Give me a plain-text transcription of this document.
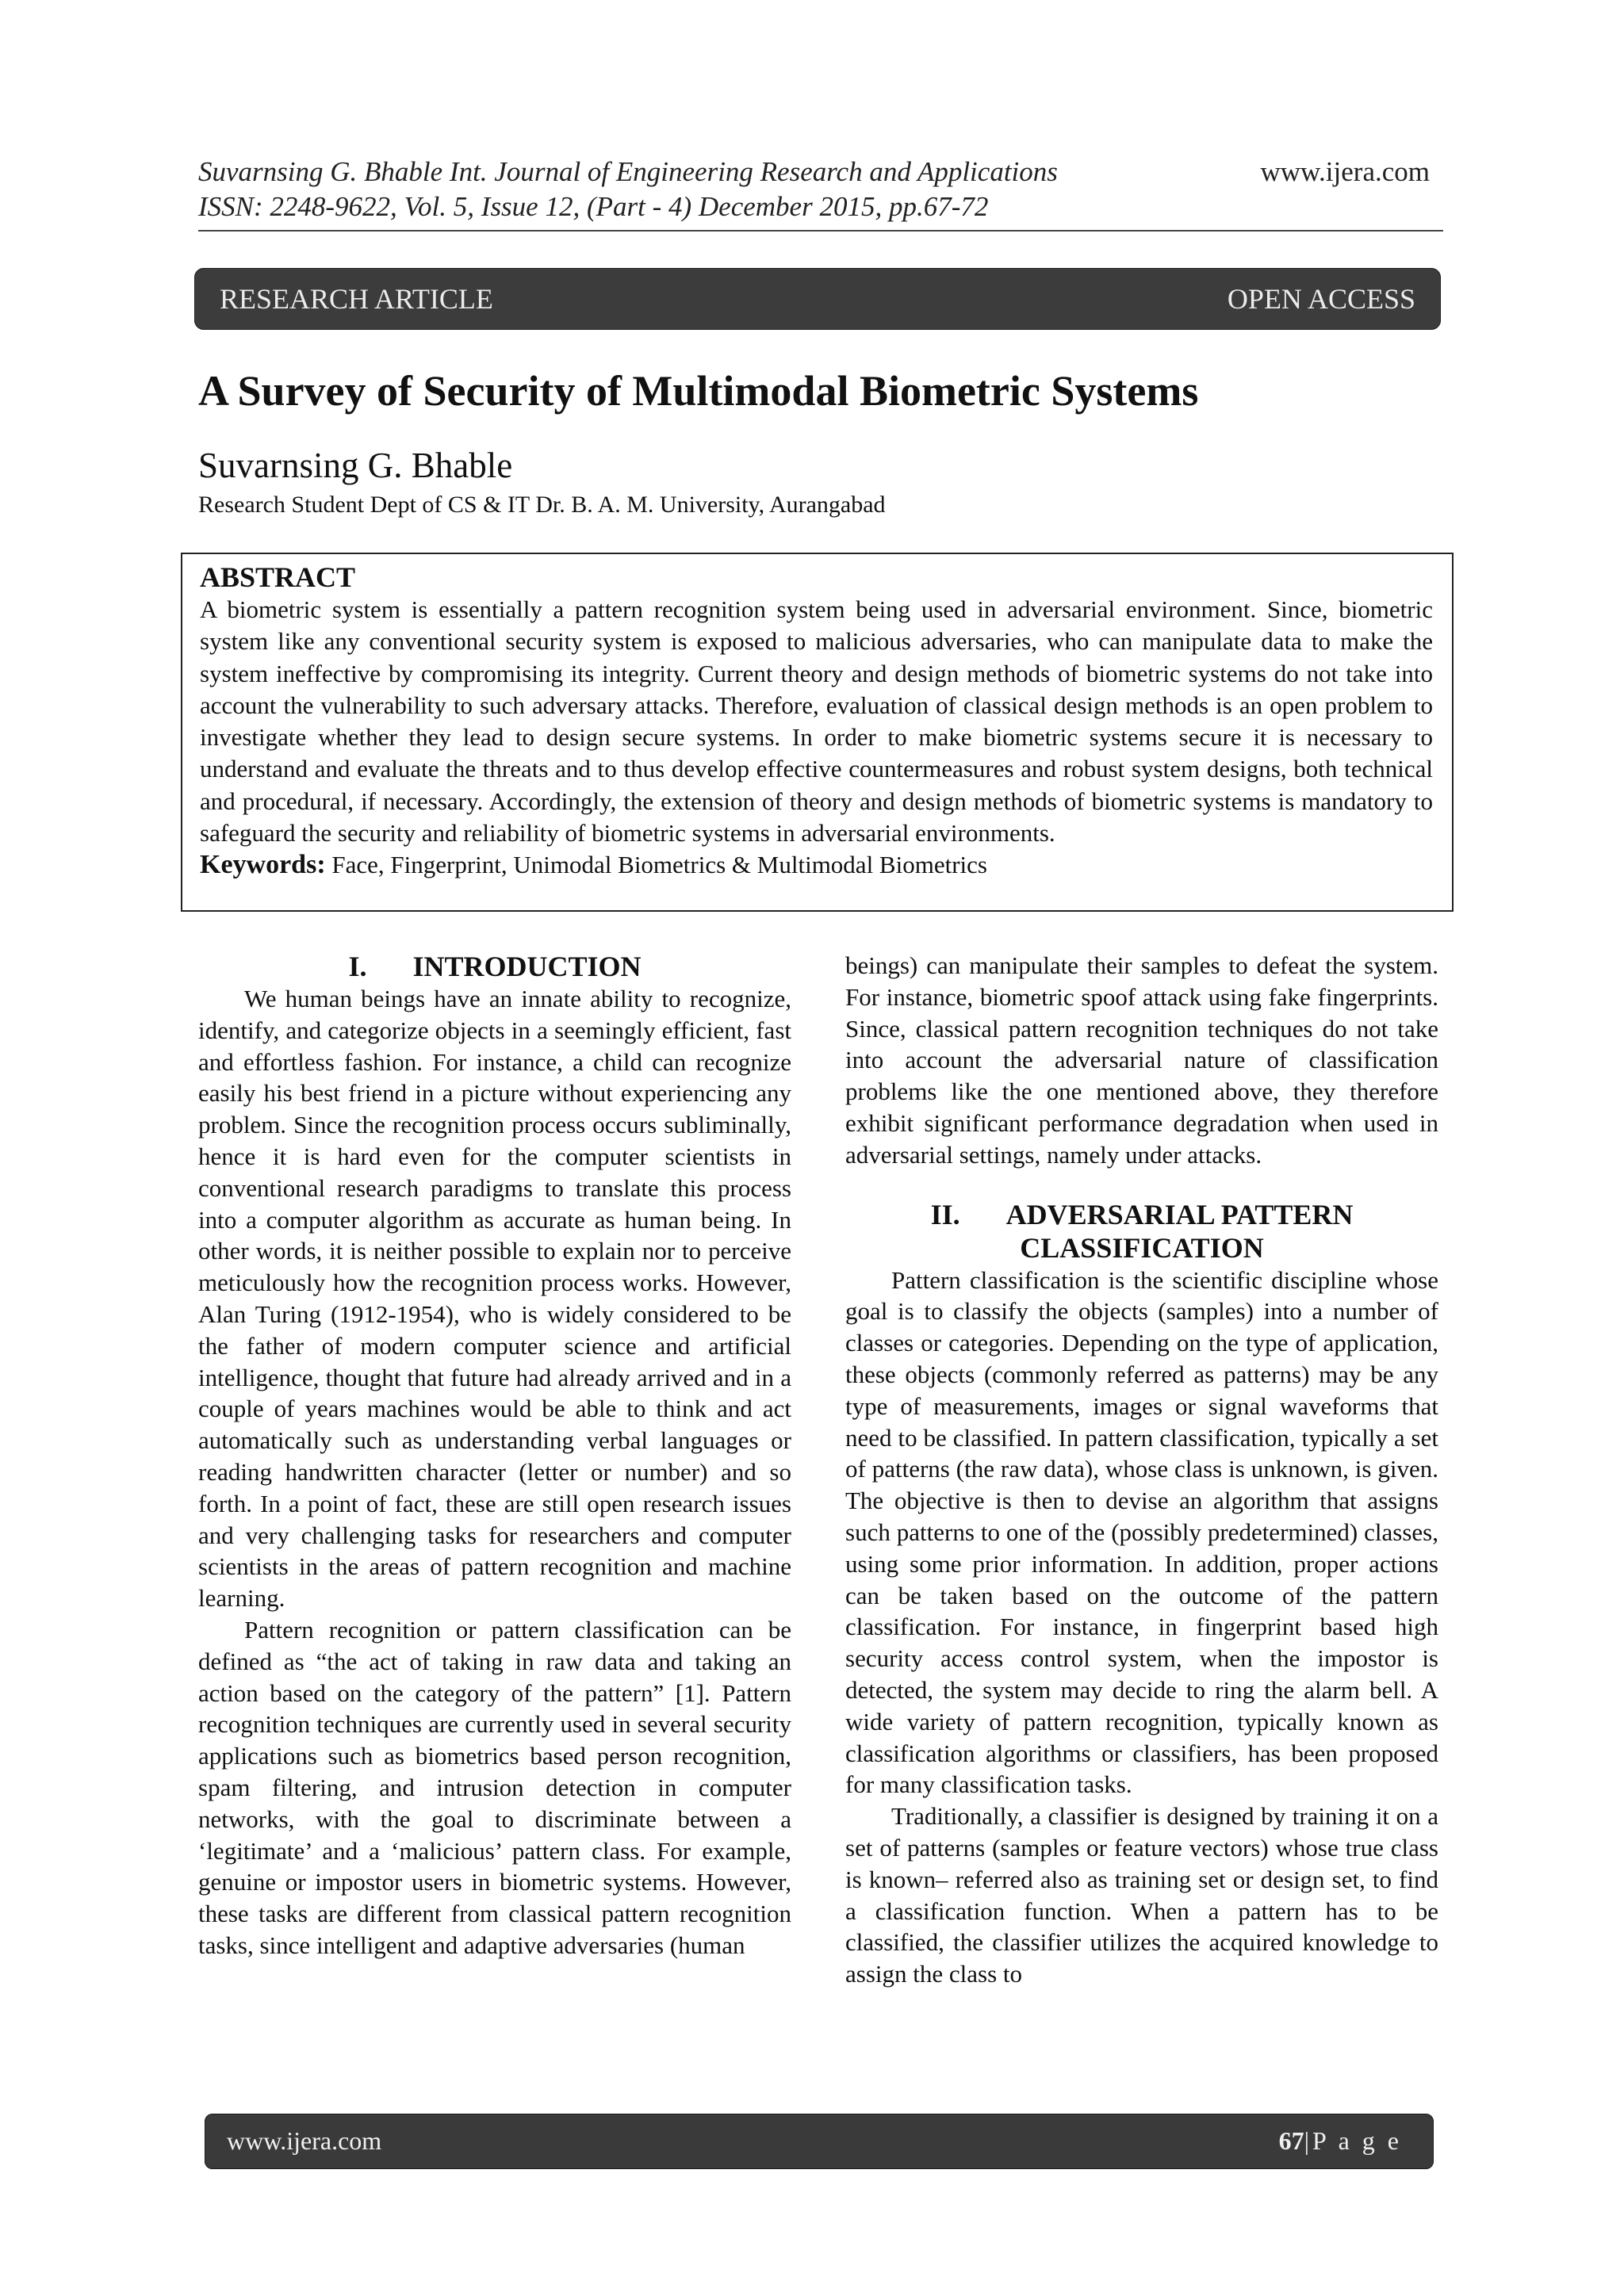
Suvarnsing G. Bhable Int. Journal of Engineering Research and Applications
ISSN: 2248-9622, Vol. 5, Issue 12, (Part - 4) December 2015, pp.67-72
www.ijera.com
RESEARCH ARTICLE	OPEN ACCESS
A Survey of Security of Multimodal Biometric Systems
Suvarnsing G. Bhable
Research Student Dept of CS & IT Dr. B. A. M. University, Aurangabad
ABSTRACT

A biometric system is essentially a pattern recognition system being used in adversarial environment. Since, biometric system like any conventional security system is exposed to malicious adversaries, who can manipulate data to make the system ineffective by compromising its integrity. Current theory and design methods of biometric systems do not take into account the vulnerability to such adversary attacks. Therefore, evaluation of classical design methods is an open problem to investigate whether they lead to design secure systems. In order to make biometric systems secure it is necessary to understand and evaluate the threats and to thus develop effective countermeasures and robust system designs, both technical and procedural, if necessary. Accordingly, the extension of theory and design methods of biometric systems is mandatory to safeguard the security and reliability of biometric systems in adversarial environments.

Keywords: Face, Fingerprint, Unimodal Biometrics & Multimodal Biometrics

I. INTRODUCTION

We human beings have an innate ability to recognize, identify, and categorize objects in a seemingly efficient, fast and effortless fashion. For instance, a child can recognize easily his best friend in a picture without experiencing any problem. Since the recognition process occurs subliminally, hence it is hard even for the computer scientists in conventional research paradigms to translate this process into a computer algorithm as accurate as human being. In other words, it is neither possible to explain nor to perceive meticulously how the recognition process works. However, Alan Turing (1912-1954), who is widely considered to be the father of modern computer science and artificial intelligence, thought that future had already arrived and in a couple of years machines would be able to think and act automatically such as understanding verbal languages or reading handwritten character (letter or number) and so forth. In a point of fact, these are still open research issues and very challenging tasks for researchers and computer scientists in the areas of pattern recognition and machine learning.

Pattern recognition or pattern classification can be defined as “the act of taking in raw data and taking an action based on the category of the pattern” [1]. Pattern recognition techniques are currently used in several security applications such as biometrics based person recognition, spam filtering, and intrusion detection in computer networks, with the goal to discriminate between a ‘legitimate’ and a ‘malicious’ pattern class. For example, genuine or impostor users in biometric systems. However, these tasks are different from classical pattern recognition tasks, since intelligent and adaptive adversaries (human

beings) can manipulate their samples to defeat the system. For instance, biometric spoof attack using fake fingerprints. Since, classical pattern recognition techniques do not take into account the adversarial nature of classification problems like the one mentioned above, they therefore exhibit significant performance degradation when used in adversarial settings, namely under attacks.

II. ADVERSARIAL PATTERN
CLASSIFICATION

Pattern classification is the scientific discipline whose goal is to classify the objects (samples) into a number of classes or categories. Depending on the type of application, these objects (commonly referred as patterns) may be any type of measurements, images or signal waveforms that need to be classified. In pattern classification, typically a set of patterns (the raw data), whose class is unknown, is given. The objective is then to devise an algorithm that assigns such patterns to one of the (possibly predetermined) classes, using some prior information. In addition, proper actions can be taken based on the outcome of the pattern classification. For instance, in fingerprint based high security access control system, when the impostor is detected, the system may decide to ring the alarm bell. A wide variety of pattern recognition, typically known as classification algorithms or classifiers, has been proposed for many classification tasks.

Traditionally, a classifier is designed by training it on a set of patterns (samples or feature vectors) whose true class is known– referred also as training set or design set, to find a classification function. When a pattern has to be classified, the classifier utilizes the acquired knowledge to assign the class to

www.ijera.com	67|P a g e
